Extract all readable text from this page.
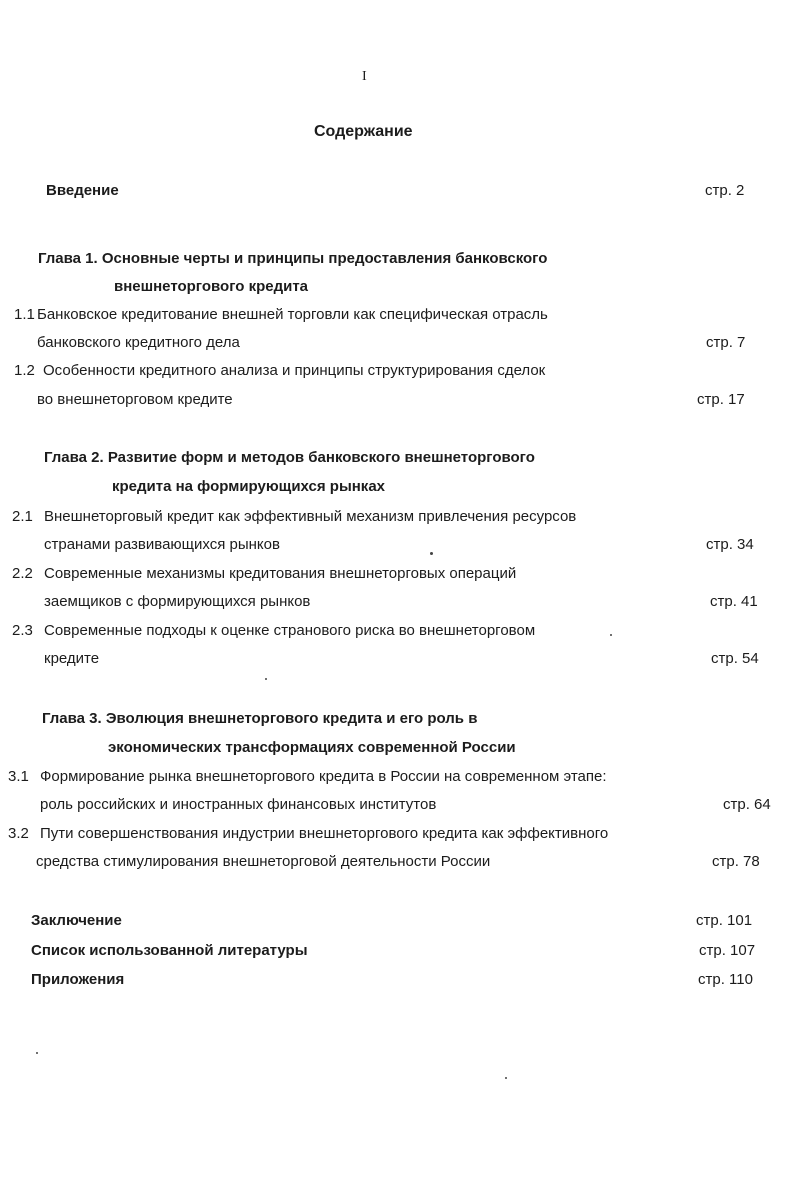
I
Содержание
Введение	стр. 2
Глава 1. Основные черты и принципы предоставления банковского
внешнеторгового кредита
1.1 Банковское кредитование внешней торговли как специфическая отрасль
банковского кредитного дела	стр. 7
1.2 Особенности кредитного анализа и принципы структурирования сделок
во внешнеторговом кредите	стр. 17
Глава 2. Развитие форм и методов банковского внешнеторгового
кредита на формирующихся рынках
2.1 Внешнеторговый кредит как эффективный механизм привлечения ресурсов
странами развивающихся рынков	стр. 34
2.2 Современные механизмы кредитования внешнеторговых операций
заемщиков с формирующихся рынков	стр. 41
2.3 Современные подходы к оценке странового риска во внешнеторговом
кредите	стр. 54
Глава 3. Эволюция внешнеторгового кредита и его роль в
экономических трансформациях современной России
3.1 Формирование рынка внешнеторгового кредита в России на современном этапе:
роль российских и иностранных финансовых институтов	стр. 64
3.2 Пути совершенствования индустрии внешнеторгового кредита как эффективного
средства стимулирования внешнеторговой деятельности России	стр. 78
Заключение	стр. 101
Список использованной литературы	стр. 107
Приложения	стр. 110
